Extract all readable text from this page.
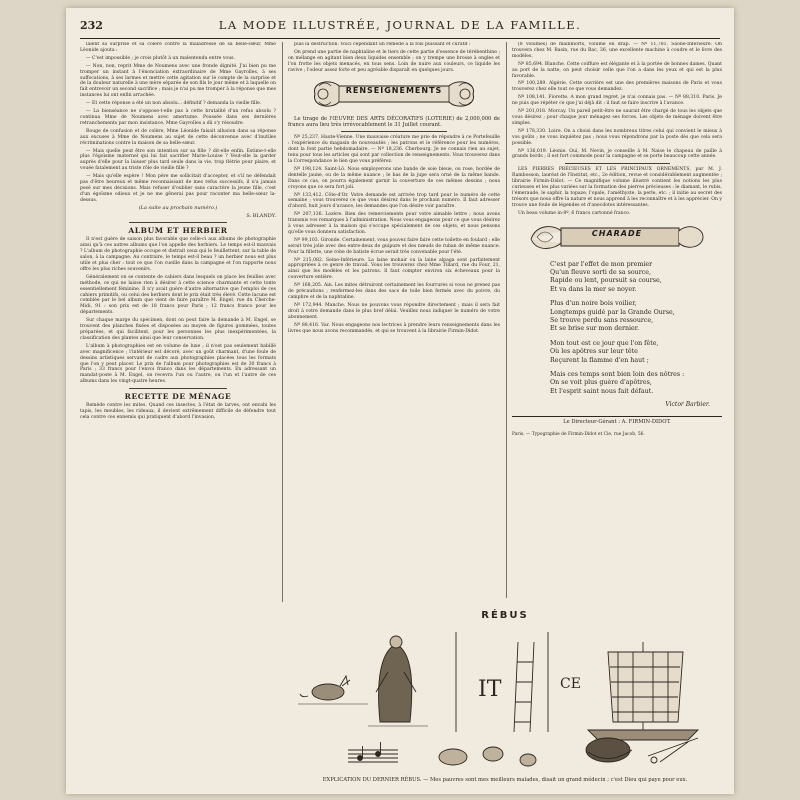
232	LA MODE ILLUSTRÉE, JOURNAL DE LA FAMILLE.

laient sa surprise et sa colère contre la maladresse de sa belle-sœur, Mme Léonide ajouta :

— C'est impossible ; je crois plutôt à un malentendu entre vous.

— Non, non, reprit Mme de Noumens avec une fronde dignité. J'ai bien pu me tromper un instant à l'énonciation extraordinaire de Mme Gayrolles, à ses suffocations, à ses larmes et mettre cette agitation sur le compte de la surprise et de la douleur naturelle à une mère séparée de son fils le jour même et à laquelle on fait entrevoir un second sacrifice ; mais je n'ai pu me tromper à la réponse que mes instances lui ont enfin arrachée.

— Et cette réponse a été un non absolu... définitif ? demanda la vieille fille.

— La bienséance ne s'oppose-t-elle pas à cette brutalité d'un refus absolu ? continua Mme de Noumens avec amertume. Poussée dans ses dernières retranchements par mon insistance, Mme Gayrolles a dû s'y résoudre.

Rouge de confusion et de colère, Mme Léonide faisait allusion dans sa réponse aux excuses à Mme de Noumens au sujet de cette déconvenue avec d'inutiles récriminations contre la maison de sa belle-sœur.

— Mais quelle peut être son intention sur sa fille ? dit-elle enfin. Estime-t-elle plus l'égoïsme maternel qui lui fait sacrifier Marie-Louise ? Veut-elle la garder auprès d'elle pour la laisser plus tard seule dans la vie, trop flétrie pour plaire, et vouée fatalement au triste rôle de vieille fille ?

— Mais qu'elle espère ! Mon père me sollicitait d'accepter, et s'il ne défendait pas d'être heureux et même reconnaissant de mes refus successifs, il n'a jamais pesé sur mes décisions. Mais refuser d'oublier sans caractère la jeune fille, c'est d'un égoïsme odieux et je ne me gênerai pas pour raconter ma belle-sœur la-dessus.

(La suite au prochain numéro.)
S. BLANDY.
ALBUM ET HERBIER

Il n'est guère de saison plus favorable que celle-ci aux albums de photographie ainsi qu'à ces autres albums que l'on appelle des herbiers. Le temps est-il mauvais ? L'album de photographie occupe et distrait ceux qui le feuillettent, sur la table de salon, à la campagne. Au contraire, le temps est-il beau ? un herbier nous est plus utile et plus cher : tout ce que l'on cueille dans la campagne et l'on rapporte nous offre les plus riches souvenirs.

Généralement on se contente de cahiers dans lesquels on place les feuilles avec méthode, ce qui ne laisse rien à désirer à cette science charmante et cette tonte essentiellement féminine. Il n'y avait guère d'autre alternative que l'emploi de ces cahiers primitifs, ou celui des herbiers dont le prix était très élevé. Cette lacune est comblée par le bel album que vient de faire paraître M. Engel, rue du Cherche-Midi, 91 : son prix est de 18 francs pour Paris ; 12 francs franco pour les départements.

Sur chaque marge du spécimen, dont on peut faire la demande à M. Engel, se trouvent des planches fixées et disposées au moyen de figures gommées, toutes préparées, et qui facilitent, pour les personnes les plus inexpérimentées, la classification des plantes ainsi que leur conservation.

L'album à photographies est en volume de luxe ; il n'est pas seulement habillé avec magnificence ; l'intérieur est décoré, avec un goût charmant, d'une foule de dessins artistiques servant de cadre aux photographies placées tous les formats que l'on y peut placer. Le prix de l'album pour photographies est de 30 francs à Paris ; 33 francs pour l'envoi franco dans les départements. En adressant un mandat-poste à M. Engel, on recevra l'un ou l'autre, ou l'un et l'autre de ces albums dans les vingt-quatre heures.

RECETTE DE MÉNAGE

Remède contre les mites. Quand ces insectes, à l'état de larves, ont envahi les tapis, les meubles, les rideaux, il devient extrêmement difficile de défendre tout cela contre ces ennemis qui pratiquent d'abord l'invasion,

puis la destruction. Voici cependant un remède à la fois puissant et curatif :

On prend une partie de naphtaline et le tiers de cette partie d'essence de térébenthine ; on mélange en agitant bien deux liquides ensemble ; on y trempe une brosse à ongles et l'on frotte les objets menacés, en tous sens. Loin de nuire aux couleurs, ce liquide les ravive ; l'odeur assez forte et peu agréable disparaît en quelques jours.

RENSEIGNEMENTS

Le tirage de l'ŒUVRE DES ARTS DÉCORATIFS (LOTERIE) de 2,000,000 de francs aura lieu très irrévocablement le 31 Juillet courant.

Nº 25,237. Haute-Vienne. Une mauvaise créature me prie de répondre à ce Portefeuille : l'expérience du magasin de nouveautés ; les patrons et le référence pour les numéros, dont la font partie hebdomadaire. — Nº 18,236. Cherbourg. Je ne connais rien au sujet, tenu pour tous les articles qui sont par collection de renseignements. Vous trouverez dans la Correspondance le lien que vous préférez.

Nº 198,124. Saint-Lô. Nous employerons une bande de soie bleue, ou rose, bordée de dentelle jaune, ou de la même nuance ; le bas de la jupe sera orné de la même bande. Dans ce cas, on pourra également garnir la couverture de ces mêmes dessins ; nous croyons que ce sera fort joli.

Nº 133,412. Côte-d'Or. Votre demande est arrivée trop tard pour le numéro de cette semaine ; vous trouverez ce que vous désirez dans le prochain numéro. Il faut adresser d'abord, huit jours d'avance, les demandes que l'on désire voir paraître.

Nº 207,136. Lozère. Bien des remerciements pour votre aimable lettre ; nous avons transmis vos remarques à l'administration. Nous vous engageons pour ce que vous désirez à vous adresser à la maison qui s'occupe spécialement de ces objets, et nous pensons qu'elle vous donnera satisfaction.

Nº 99,103. Gironde. Certainement, vous pouvez faire faire cette toilette en foulard ; elle serait très jolie avec des entre-deux de guipure et des nœuds de ruban de même nuance. Pour la fillette, une robe de batiste écrue serait très convenable pour l'été.

Nº 215,082. Seine-Inférieure. La laine mohair ou la laine alpaga sont parfaitement appropriées à ce genre de travail. Vous les trouverez chez Mme Tillard, rue du Four, 21, ainsi que les modèles et les patrons. Il faut compter environ six écheveaux pour la couverture entière.

Nº 168,205. Ain. Les mites détruiront certainement les fourrures si vous ne prenez pas de précautions ; renfermez-les dans des sacs de toile bien fermés avec du poivre, du camphre et de la naphtaline.

Nº 172,944. Manche. Nous ne pouvons vous répondre directement ; mais il sera fait droit à votre demande dans le plus bref délai. Veuillez nous indiquer le numéro de votre abonnement.

Nº 88,416. Var. Nous engageons nos lectrices à prendre leurs renseignements dans les livres que nous avons recommandés, et qui se trouvent à la librairie Firmin-Didot.

(8 volumes) de mainmorts, volume en drap. — Nº 11,781. Saône-Inférieure. On trouvera chez M. Basin, rue du Bac, 36, une excellente machine à coudre et le livre des modèles.

Nº 85,694. Blanche. Cette coiffure est élégante et à la portée de bonnes dames. Quant au port de la natte, on peut choisir celle que l'on a dans les yeux et qui est la plus favorable.

Nº 100,289. Algérie. Cette ouvrière est une des premières maisons de Paris et vous trouverez chez elle tout ce que vous demandez.

Nº 108,141. Fiorette. A mon grand regret, je n'ai connais pas. — Nº 88,310. Paris. Je ne puis que répéter ce que j'ai déjà dit : il faut se faire inscrire à l'avance.

Nº 201,018. Morcay. Un pareil petit-être ne saurait être chargé de tous les objets que vous désirez ; pour chaque jour ménagez ses forces. Les objets de ménage doivent être simples.

Nº 178,330. Loire. On a choisi dans les nombreux titres celui qui convient le mieux à vos goûts ; ne vous inquiétez pas ; nous vous répondrons par la poste dès que cela sera possible.

Nº 136,019. Léonie. Oui, M. Nevin, je conseille à M. Naise le chapeau de paille à grands bords ; il est fort commode pour la campagne et se porte beaucoup cette année.

LES PIERRES PRÉCIEUSES ET LES PRINCIPAUX ORNEMENTS, par M. J. Rambosson, lauréat de l'Institut, etc., 2e édition, revue et considérablement augmentée ; librairie Firmin-Didot. — Ce magnifique volume illustré contient les notions les plus curieuses et les plus variées sur la formation des pierres précieuses : le diamant, le rubis, l'émeraude, le saphir, la topaze, l'opale, l'améthyste, la perle, etc. ; il initie au secret des trésors que nous offre la nature et nous apprend à les reconnaître et à les apprécier. On y trouve une foule de légendes et d'anecdotes intéressantes.

Un beau volume in-8º, 6 francs cartonné franco.

CHARADE
C'est par l'effet de mon premier
Qu'un fleuve sorti de sa source,
Rapide ou lent, poursuit sa course,
Et va dans la mer se noyer.
Plus d'un noire bois voilier,
Longtemps guidé par la Grande Ourse,
Se trouve perdu sans ressource,
Et se brise sur mon dernier.
Mon tout est ce jour que l'on fête,
Où les apôtres sur leur tête
Reçurent la flamme d'en haut ;
Mais ces temps sont bien loin des nôtres :
On se voit plus guère d'apôtres,
Et l'esprit saint nous fait défaut.
Victor Barbier.
Le Directeur-Gérant : A. FIRMIN-DIDOT.
Paris. — Typographie de Firmin-Didot et Cie, rue Jacob, 56.
RÉBUS
IT	CE
EXPLICATION DU DERNIER RÉBUS. — Mes pauvres sont mes meilleurs malades, disait un grand médecin ; c'est Dieu qui paye pour eux.
